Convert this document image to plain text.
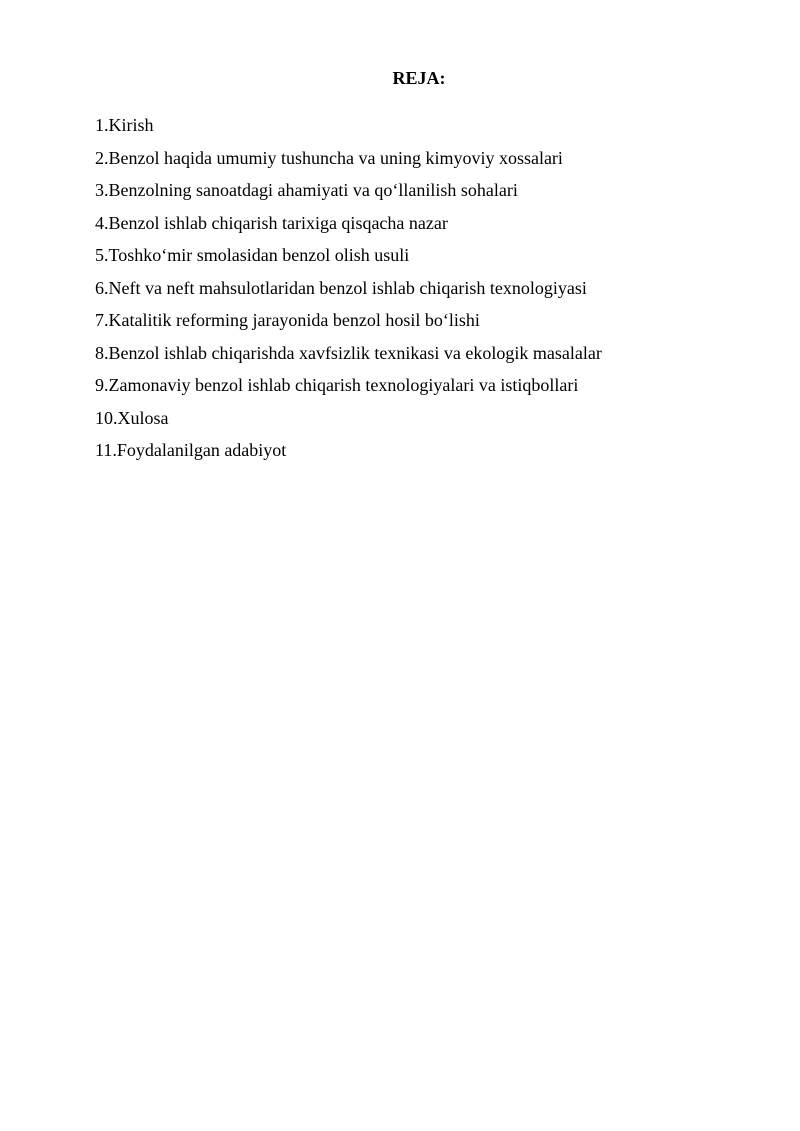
REJA:
1.Kirish
2.Benzol haqida umumiy tushuncha va uning kimyoviy xossalari
3.Benzolning sanoatdagi ahamiyati va qo‘llanilish sohalari
4.Benzol ishlab chiqarish tarixiga qisqacha nazar
5.Toshko‘mir smolasidan benzol olish usuli
6.Neft va neft mahsulotlaridan benzol ishlab chiqarish texnologiyasi
7.Katalitik reforming jarayonida benzol hosil bo‘lishi
8.Benzol ishlab chiqarishda xavfsizlik texnikasi va ekologik masalalar
9.Zamonaviy benzol ishlab chiqarish texnologiyalari va istiqbollari
10.Xulosa
11.Foydalanilgan adabiyot
